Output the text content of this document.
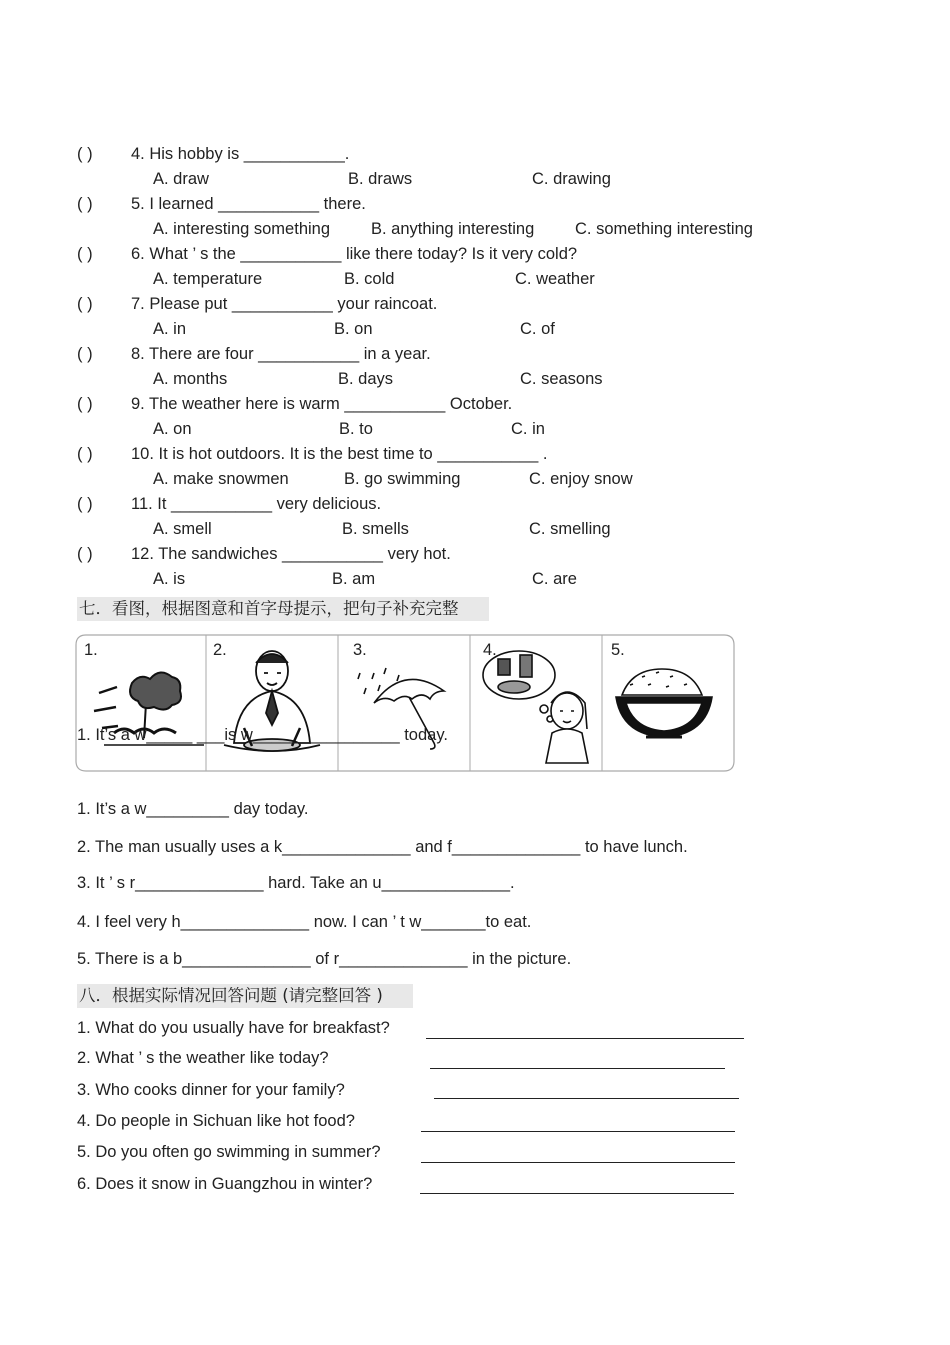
( ) 4. His hobby is ___________.
A. draw	B. draws	C. drawing
( ) 5. I learned ___________ there.
A. interesting something B. anything interesting C. something interesting
( ) 6. What ’ s the ___________ like there today? Is it very cold?
A. temperature	B. cold	C. weather
( ) 7. Please put ___________ your raincoat.
A. in	B. on	C. of
( ) 8. There are four ___________ in a year.
A. months	B. days	C. seasons
( ) 9. The weather here is warm ___________ October.
A. on	B. to	C. in
( ) 10. It is hot outdoors. It is the best time to ___________ .
A. make snowmen	B. go swimming	C. enjoy snow
( ) 11. It ___________ very delicious.
A. smell	B. smells	C. smelling
( ) 12. The sandwiches ___________ very hot.
A. is	B. am	C. are
七．看图，根据图意和首字母提示，把句子补充完整
1.	2.	3.	4.	5.
1. It’s a w_____ ___is w________________ today.
1. It’s a w_________ day today.
2. The man usually uses a k______________ and f______________ to have lunch.
3. It ’ s r______________ hard. Take an u______________.
4. I feel very h______________ now. I can ’ t w_______to eat.
5. There is a b______________ of r______________ in the picture.
八．根据实际情况回答问题 (请完整回答 )
1. What do you usually have for breakfast?
2. What ’ s the weather like today?
3. Who cooks dinner for your family?
4. Do people in Sichuan like hot food?
5. Do you often go swimming in summer?
6. Does it snow in Guangzhou in winter?
